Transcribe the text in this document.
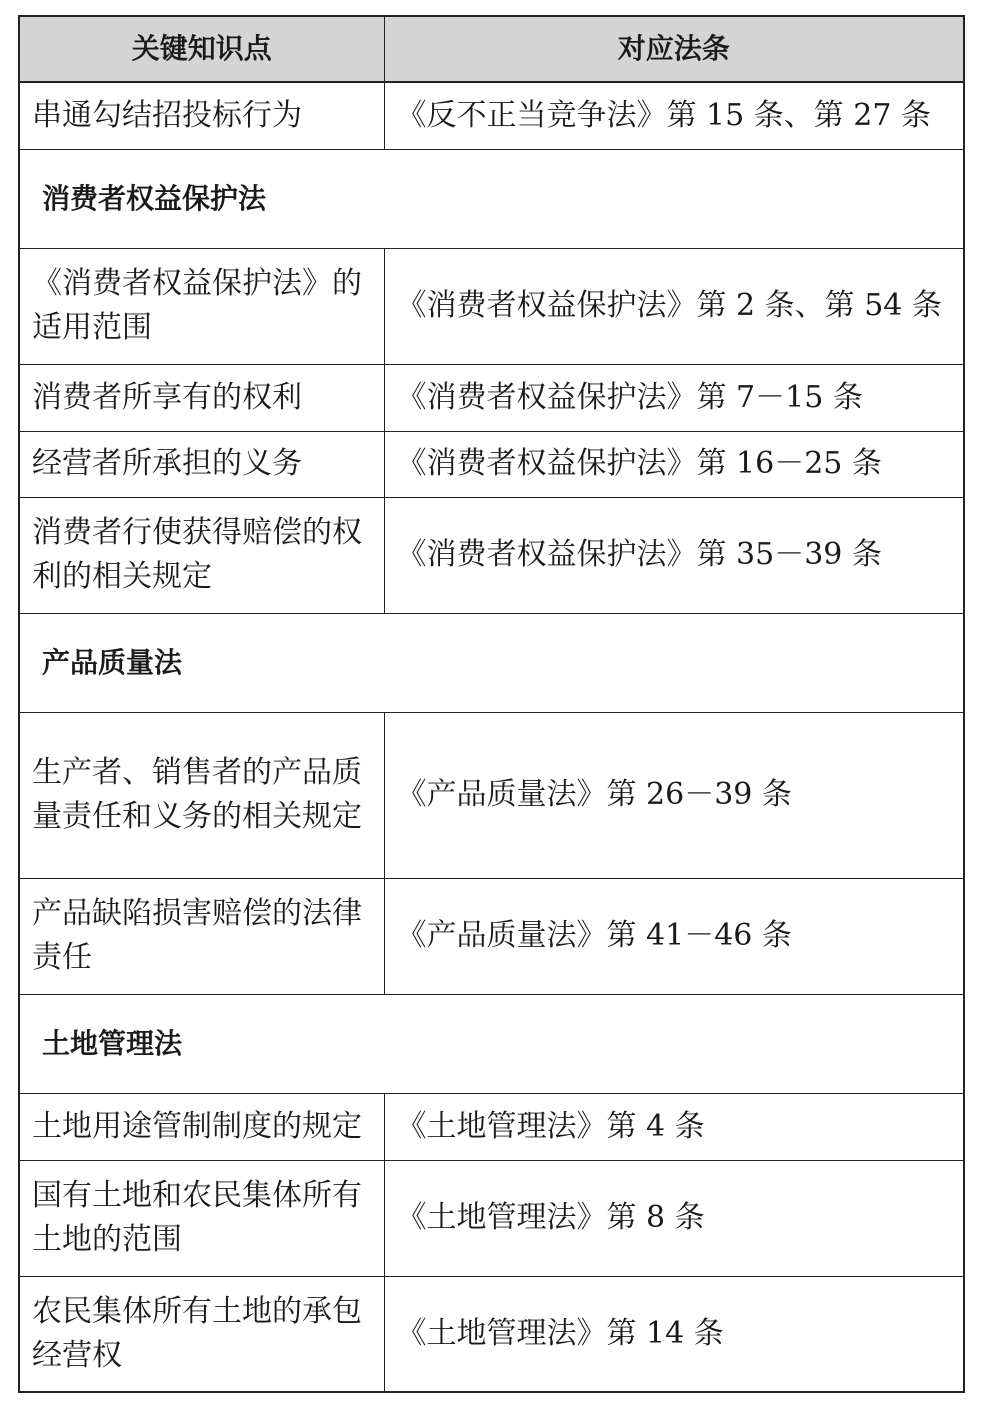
关键知识点	对应法条
串通勾结招投标行为	《反不正当竞争法》第 15 条、第 27 条
消费者权益保护法	
《消费者权益保护法》的适用范围	《消费者权益保护法》第 2 条、第 54 条
消费者所享有的权利	《消费者权益保护法》第 7－15 条
经营者所承担的义务	《消费者权益保护法》第 16－25 条
消费者行使获得赔偿的权利的相关规定	《消费者权益保护法》第 35－39 条
产品质量法	
生产者、销售者的产品质量责任和义务的相关规定	《产品质量法》第 26－39 条
产品缺陷损害赔偿的法律责任	《产品质量法》第 41－46 条
土地管理法	
土地用途管制制度的规定	《土地管理法》第 4 条
国有土地和农民集体所有土地的范围	《土地管理法》第 8 条
农民集体所有土地的承包经营权	《土地管理法》第 14 条
